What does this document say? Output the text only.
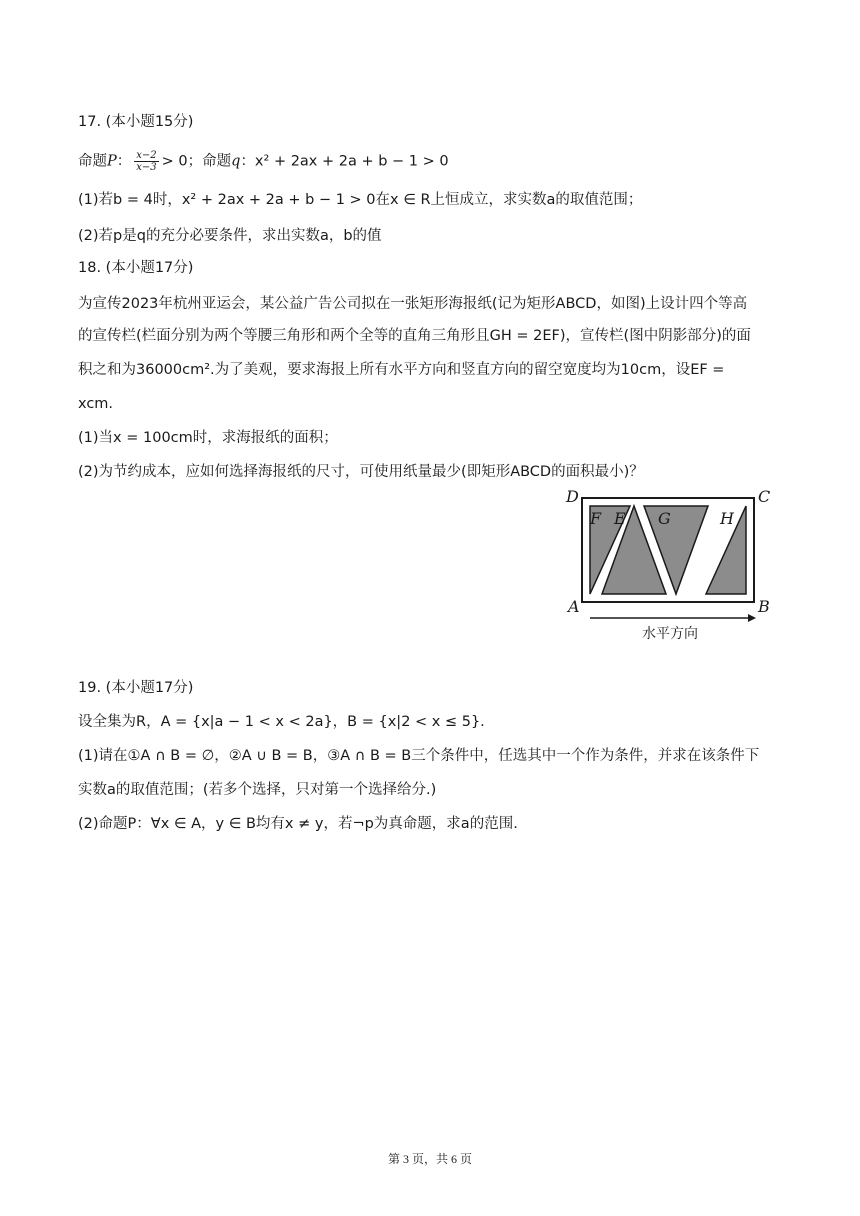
17. (本小题15分)
命题P： $\frac{x-2}{x-3} > 0$；命题q：x² + 2ax + 2a + b − 1 > 0
(1)若b = 4时，x² + 2ax + 2a + b − 1 > 0在x ∈ R上恒成立，求实数a的取值范围；
(2)若p是q的充分必要条件，求出实数a，b的值
18. (本小题17分)
为宣传2023年杭州亚运会，某公益广告公司拟在一张矩形海报纸(记为矩形ABCD，如图)上设计四个等高
的宣传栏(栏面分别为两个等腰三角形和两个全等的直角三角形且GH = 2EF)，宣传栏(图中阴影部分)的面
积之和为36000cm².为了美观，要求海报上所有水平方向和竖直方向的留空宽度均为10cm，设EF =
xcm.
(1)当x = 100cm时，求海报纸的面积；
(2)为节约成本，应如何选择海报纸的尺寸，可使用纸量最少(即矩形ABCD的面积最小)？
D	C
A	B
F E G	H
水平方向
19. (本小题17分)
设全集为R，A = {x|a − 1 < x < 2a}，B = {x|2 < x ≤ 5}.
(1)请在①A ∩ B = ∅，②A ∪ B = B，③A ∩ B = B三个条件中，任选其中一个作为条件，并求在该条件下
实数a的取值范围；(若多个选择，只对第一个选择给分.)
(2)命题P：∀x ∈ A，y ∈ B均有x ≠ y，若¬p为真命题，求a的范围.
第 3 页，共 6 页
